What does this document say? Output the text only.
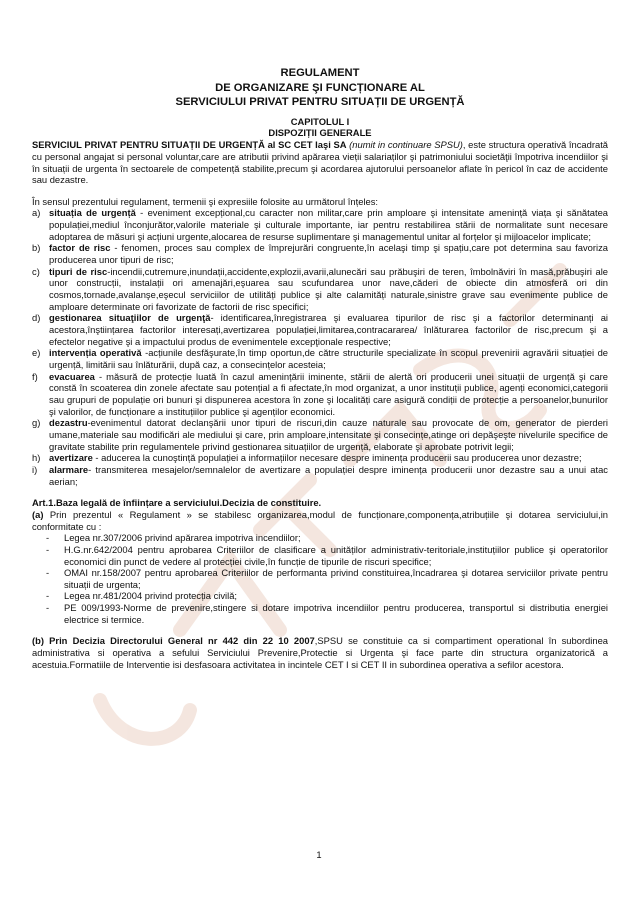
REGULAMENT
DE ORGANIZARE ŞI FUNCȚIONARE AL
SERVICIULUI PRIVAT PENTRU SITUAȚII DE URGENȚĂ
CAPITOLUL I
DISPOZIȚII GENERALE

SERVICIUL PRIVAT PENTRU SITUAȚII DE URGENȚĂ al SC CET Iaşi SA (numit in continuare SPSU), este structura operativă încadrată cu personal angajat si personal voluntar,care are atributii privind apărarea vieții salariaților şi patrimoniului societăţii împotriva incendiilor şi în situații de urgenta în sectoarele de competență stabilite,precum şi acordarea ajutorului persoanelor aflate în pericol în caz de accidente sau dezastre.

În sensul prezentului regulament, termenii şi expresiile folosite au următorul înțeles:

a) situația de urgență - eveniment excepțional,cu caracter non militar,care prin amploare şi intensitate amenință viața şi sănătatea populației,mediul înconjurător,valorile materiale şi culturale importante, iar pentru restabilirea stării de normalitate sunt necesare adoptarea de măsuri şi acțiuni urgente,alocarea de resurse suplimentare şi managementul unitar al forțelor şi mijloacelor implicate;
b) factor de risc - fenomen, proces sau complex de împrejurări congruente,în acelaşi timp şi spațiu,care pot determina sau favoriza producerea unor tipuri de risc;
c) tipuri de risc-incendii,cutremure,inundații,accidente,explozii,avarii,alunecări sau prăbuşiri de teren, îmbolnăviri în masă,prăbuşiri ale unor construcții, instalații ori amenajări,eşuarea sau scufundarea unor nave,căderi de obiecte din atmosferă ori din cosmos,tornade,avalanşe,eşecul serviciilor de utilități publice şi alte calamități naturale,sinistre grave sau evenimente publice de amploare determinate ori favorizate de factorii de risc specifici;
d) gestionarea situaţiilor de urgenţă- identificarea,înregistrarea şi evaluarea tipurilor de risc şi a factorilor determinanți ai acestora,înştiințarea factorilor interesați,avertizarea populației,limitarea,contracararea/ înlăturarea factorilor de risc,precum şi a efectelor negative şi a impactului produs de evenimentele excepţionale respective;
e) intervenția operativă -acțiunile desfăşurate,în timp oportun,de către structurile specializate în scopul prevenirii agravării situației de urgență, limitării sau înlăturării, după caz, a consecințelor acesteia;
f) evacuarea - măsură de protecție luată în cazul amenințării iminente, stării de alertă ori producerii unei situații de urgență şi care constă în scoaterea din zonele afectate sau potențial a fi afectate,în mod organizat, a unor instituții publice, agenți economici,categorii sau grupuri de populație ori bunuri şi dispunerea acestora în zone şi localități care asigură condiții de protecție a persoanelor,bunurilor şi valorilor, de funcționare a instituțiilor publice şi agenților economici.
g) dezastru-evenimentul datorat declanşării unor tipuri de riscuri,din cauze naturale sau provocate de om, generator de pierderi umane,materiale sau modificări ale mediului şi care, prin amploare,intensitate şi consecințe,atinge ori depăşeşte nivelurile specifice de gravitate stabilite prin regulamentele privind gestionarea situațiilor de urgență, elaborate şi aprobate potrivit legii;
h) avertizare - aducerea la cunoştință populației a informațiilor necesare despre iminența producerii sau producerea unor dezastre;
i) alarmare- transmiterea mesajelor/semnalelor de avertizare a populației despre iminența producerii unor dezastre sau a unui atac aerian;

Art.1.Baza legală de înființare a serviciului.Decizia de constituire.

(a) Prin prezentul « Regulament » se stabilesc organizarea,modul de funcționare,componența,atribuțiile şi dotarea serviciului,in conformitate cu :

- Legea nr.307/2006 privind apărarea impotriva incendiilor;
- H.G.nr.642/2004 pentru aprobarea Criteriilor de clasificare a unităților administrativ-teritoriale,instituțiilor publice şi operatorilor economici din punct de vedere al protecției civile,în funcție de tipurile de riscuri specifice;
- OMAI nr.158/2007 pentru aprobarea Criteriilor de performanta privind constituirea,încadrarea şi dotarea serviciilor private pentru situații de urgenta;
- Legea nr.481/2004 privind protecția civilă;
- PE 009/1993-Norme de prevenire,stingere si dotare impotriva incendiilor pentru producerea, transportul si distributia energiei electrice si termice.

(b) Prin Decizia Directorului General nr 442 din 22 10 2007,SPSU se constituie ca si compartiment operational în subordinea administrativa si operativa a sefului Serviciului Prevenire,Protectie si Urgenta şi face parte din structura organizatorică a acestuia.Formatiile de Interventie isi desfasoara activitatea in incintele CET I si CET II in subordinea operativa a sefilor acestora.

1
